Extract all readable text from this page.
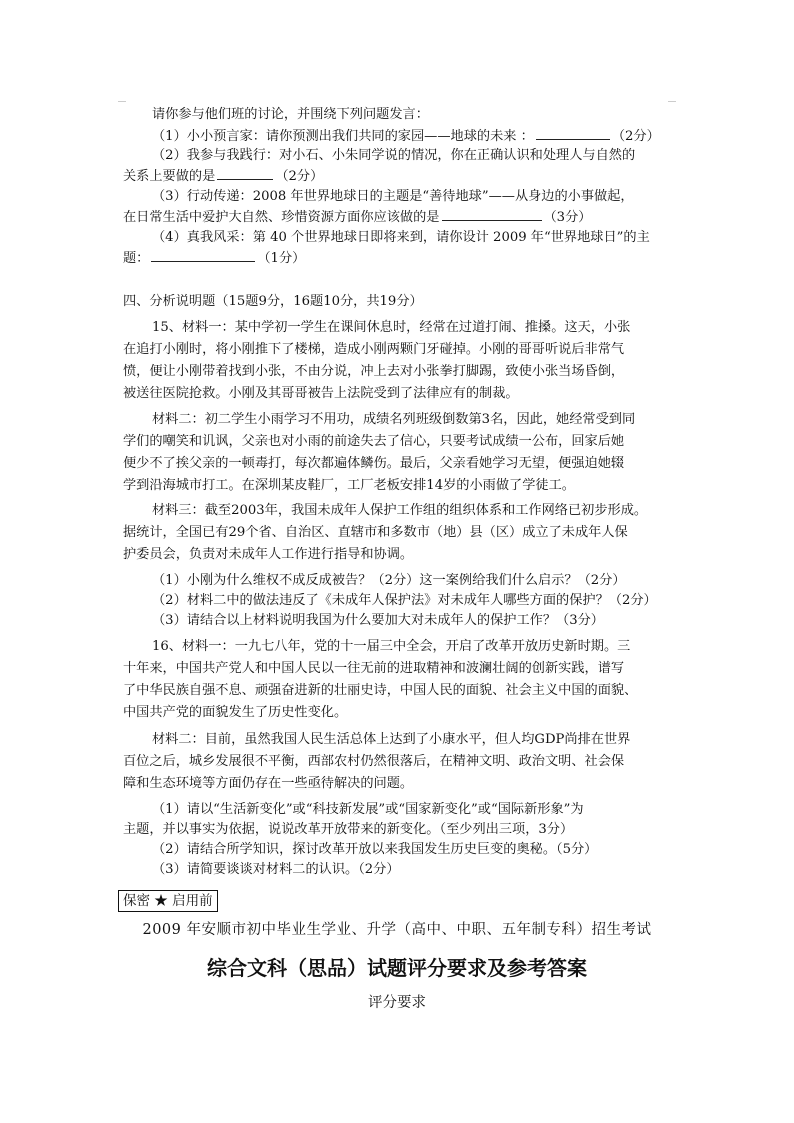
请你参与他们班的讨论，并围绕下列问题发言：
（1）小小预言家：请你预测出我们共同的家园——地球的未来 ：	（2分）
（2）我参与我践行：对小石、小朱同学说的情况，你在正确认识和处理人与自然的
关系上要做的是	（2分）
（3）行动传递：2008 年世界地球日的主题是“善待地球”——从身边的小事做起，
在日常生活中爱护大自然、珍惜资源方面你应该做的是	（3分）
（4）真我风采：第 40 个世界地球日即将来到，请你设计 2009 年“世界地球日”的主
题：	（1分）
四、分析说明题（15题9分，16题10分，共19分）
15、材料一：某中学初一学生在课间休息时，经常在过道打闹、推搡。这天，小张
在追打小刚时，将小刚推下了楼梯，造成小刚两颗门牙碰掉。小刚的哥哥听说后非常气
愤，便让小刚带着找到小张，不由分说，冲上去对小张拳打脚踢，致使小张当场昏倒，
被送往医院抢救。小刚及其哥哥被告上法院受到了法律应有的制裁。
材料二：初二学生小雨学习不用功，成绩名列班级倒数第3名，因此，她经常受到同
学们的嘲笑和讥讽，父亲也对小雨的前途失去了信心，只要考试成绩一公布，回家后她
便少不了挨父亲的一顿毒打，每次都遍体鳞伤。最后，父亲看她学习无望，便强迫她辍
学到沿海城市打工。在深圳某皮鞋厂，工厂老板安排14岁的小雨做了学徒工。
材料三：截至2003年，我国未成年人保护工作组的组织体系和工作网络已初步形成。
据统计，全国已有29个省、自治区、直辖市和多数市（地）县（区）成立了未成年人保
护委员会，负责对未成年人工作进行指导和协调。
（1）小刚为什么维权不成反成被告？（2分）这一案例给我们什么启示？（2分）
（2）材料二中的做法违反了《未成年人保护法》对未成年人哪些方面的保护？（2分）
（3）请结合以上材料说明我国为什么要加大对未成年人的保护工作？（3分）
16、材料一：一九七八年，党的十一届三中全会，开启了改革开放历史新时期。三
十年来，中国共产党人和中国人民以一往无前的进取精神和波澜壮阔的创新实践，谱写
了中华民族自强不息、顽强奋进新的壮丽史诗，中国人民的面貌、社会主义中国的面貌、
中国共产党的面貌发生了历史性变化。
材料二：目前，虽然我国人民生活总体上达到了小康水平，但人均GDP尚排在世界
百位之后，城乡发展很不平衡，西部农村仍然很落后，在精神文明、政治文明、社会保
障和生态环境等方面仍存在一些亟待解决的问题。
（1）请以“生活新变化”或“科技新发展”或“国家新变化”或“国际新形象”为
主题，并以事实为依据，说说改革开放带来的新变化。（至少列出三项，3分）
（2）请结合所学知识，探讨改革开放以来我国发生历史巨变的奥秘。（5分）
（3）请简要谈谈对材料二的认识。（2分）
保密 ★ 启用前
2009 年安顺市初中毕业生学业、升学（高中、中职、五年制专科）招生考试
综合文科（思品）试题评分要求及参考答案
评分要求
